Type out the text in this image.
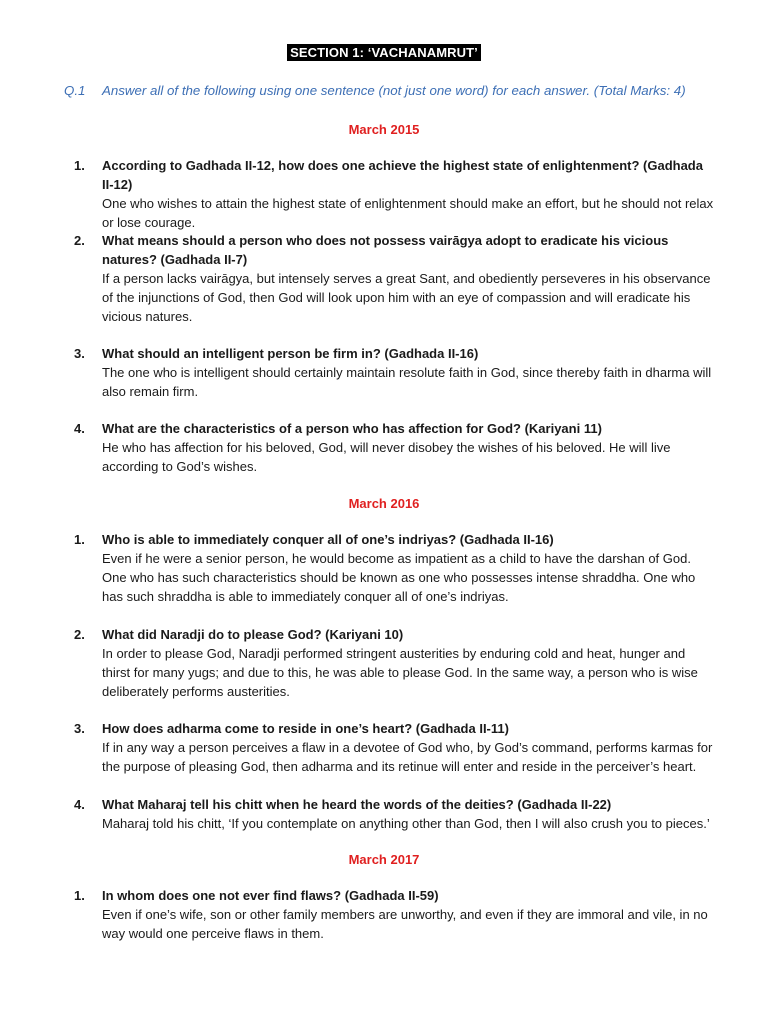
SECTION 1: ‘VACHANAMRUT’
Q.1 Answer all of the following using one sentence (not just one word) for each answer. (Total Marks: 4)
March 2015
1. According to Gadhada II-12, how does one achieve the highest state of enlightenment? (Gadhada II-12)
One who wishes to attain the highest state of enlightenment should make an effort, but he should not relax or lose courage.
2. What means should a person who does not possess vairāgya adopt to eradicate his vicious natures? (Gadhada II-7)
If a person lacks vairāgya, but intensely serves a great Sant, and obediently perseveres in his observance of the injunctions of God, then God will look upon him with an eye of compassion and will eradicate his vicious natures.
3. What should an intelligent person be firm in? (Gadhada II-16)
The one who is intelligent should certainly maintain resolute faith in God, since thereby faith in dharma will also remain firm.
4. What are the characteristics of a person who has affection for God? (Kariyani 11)
He who has affection for his beloved, God, will never disobey the wishes of his beloved. He will live according to God’s wishes.
March 2016
1. Who is able to immediately conquer all of one’s indriyas? (Gadhada II-16)
Even if he were a senior person, he would become as impatient as a child to have the darshan of God. One who has such characteristics should be known as one who possesses intense shraddha. One who has such shraddha is able to immediately conquer all of one’s indriyas.
2. What did Naradji do to please God? (Kariyani 10)
In order to please God, Naradji performed stringent austerities by enduring cold and heat, hunger and thirst for many yugs; and due to this, he was able to please God. In the same way, a person who is wise deliberately performs austerities.
3. How does adharma come to reside in one’s heart? (Gadhada II-11)
If in any way a person perceives a flaw in a devotee of God who, by God’s command, performs karmas for the purpose of pleasing God, then adharma and its retinue will enter and reside in the perceiver’s heart.
4. What Maharaj tell his chitt when he heard the words of the deities? (Gadhada II-22)
Maharaj told his chitt, ‘If you contemplate on anything other than God, then I will also crush you to pieces.’
March 2017
1. In whom does one not ever find flaws? (Gadhada II-59)
Even if one’s wife, son or other family members are unworthy, and even if they are immoral and vile, in no way would one perceive flaws in them.
